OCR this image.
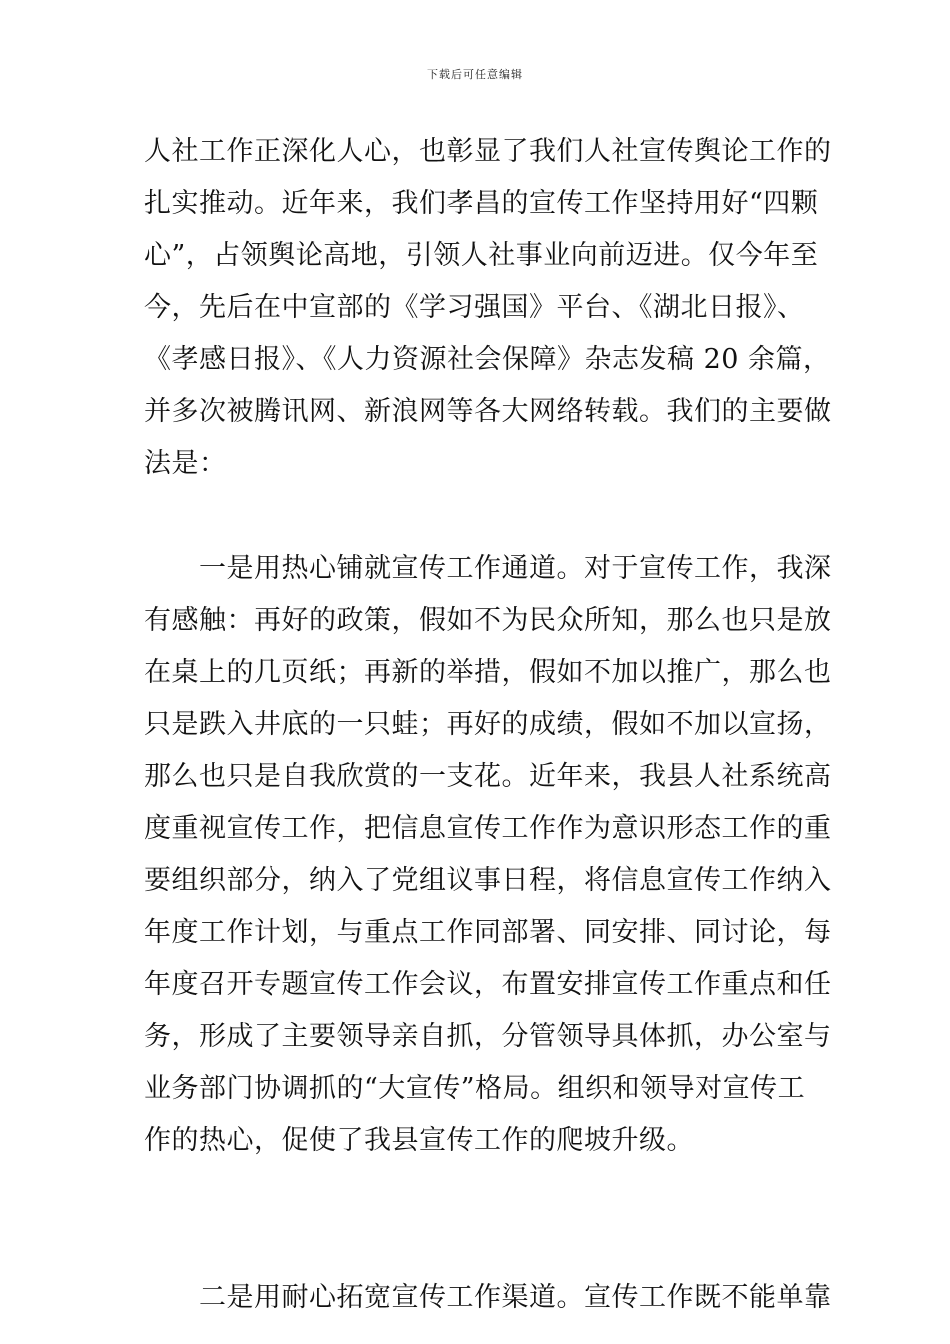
下载后可任意编辑
人社工作正深化人心，也彰显了我们人社宣传舆论工作的
扎实推动。近年来，我们孝昌的宣传工作坚持用好“四颗
心”，占领舆论高地，引领人社事业向前迈进。仅今年至
今，先后在中宣部的《学习强国》平台、《湖北日报》、
《孝感日报》、《人力资源社会保障》杂志发稿 20 余篇，
并多次被腾讯网、新浪网等各大网络转载。我们的主要做
法是：
　　一是用热心铺就宣传工作通道。对于宣传工作，我深
有感触：再好的政策，假如不为民众所知，那么也只是放
在桌上的几页纸；再新的举措，假如不加以推广，那么也
只是跌入井底的一只蛙；再好的成绩，假如不加以宣扬，
那么也只是自我欣赏的一支花。近年来，我县人社系统高
度重视宣传工作，把信息宣传工作作为意识形态工作的重
要组织部分，纳入了党组议事日程，将信息宣传工作纳入
年度工作计划，与重点工作同部署、同安排、同讨论，每
年度召开专题宣传工作会议，布置安排宣传工作重点和任
务，形成了主要领导亲自抓，分管领导具体抓，办公室与
业务部门协调抓的“大宣传”格局。组织和领导对宣传工
作的热心，促使了我县宣传工作的爬坡升级。
　　二是用耐心拓宽宣传工作渠道。宣传工作既不能单靠
